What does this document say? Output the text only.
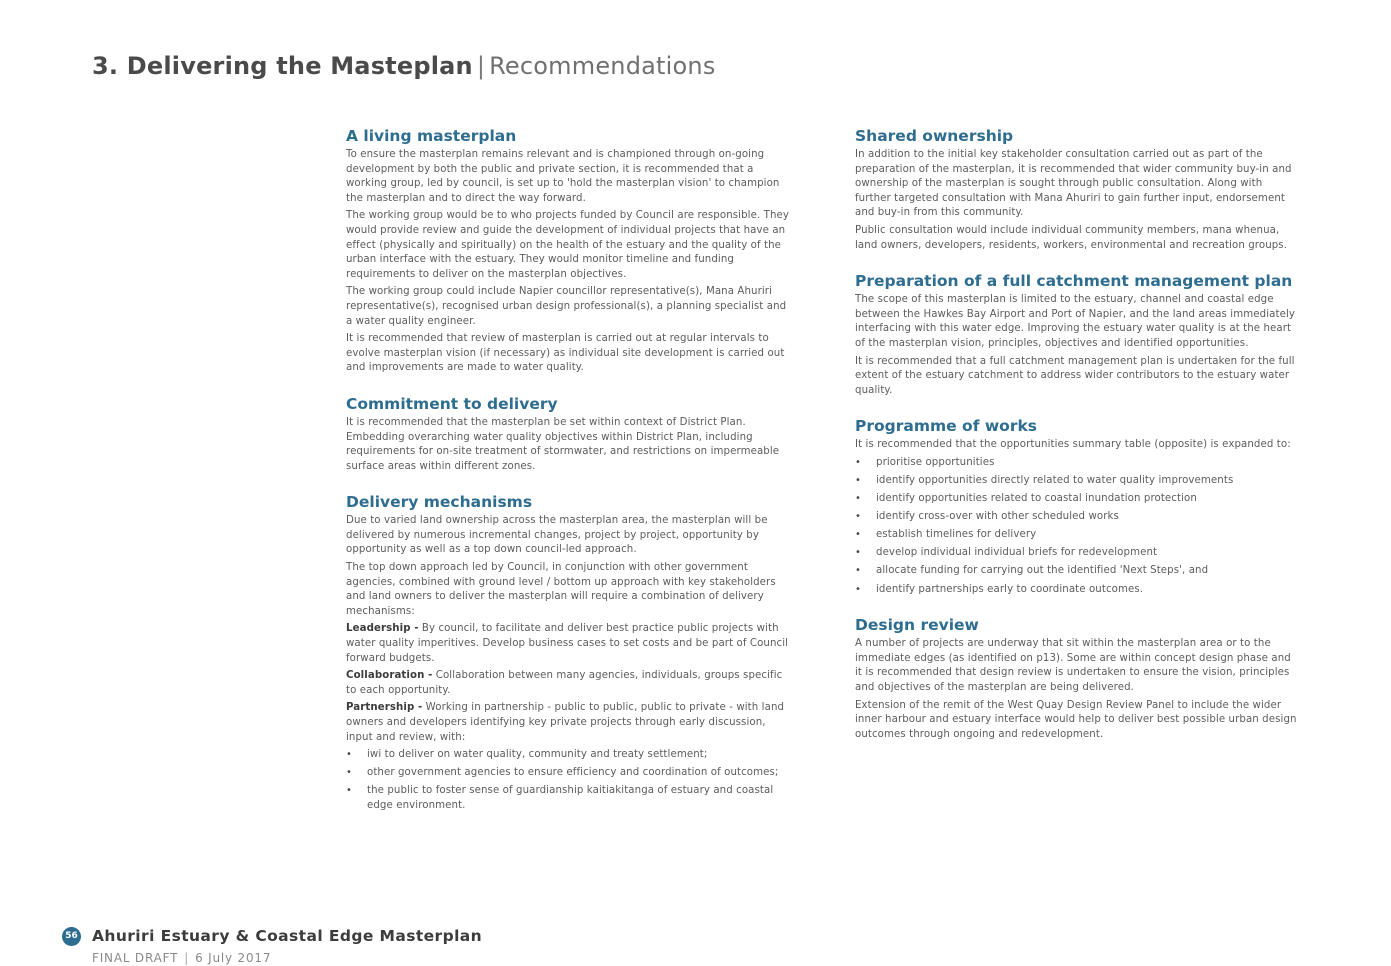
3. Delivering the Masteplan | Recommendations
A living masterplan

To ensure the masterplan remains relevant and is championed through on-going development by both the public and private section, it is recommended that a working group, led by council, is set up to 'hold the masterplan vision' to champion the masterplan and to direct the way forward.

The working group would be to who projects funded by Council are responsible. They would provide review and guide the development of individual projects that have an effect (physically and spiritually) on the health of the estuary and the quality of the urban interface with the estuary. They would monitor timeline and funding requirements to deliver on the masterplan objectives.

The working group could include Napier councillor representative(s), Mana Ahuriri representative(s), recognised urban design professional(s), a planning specialist and a water quality engineer.

It is recommended that review of masterplan is carried out at regular intervals to evolve masterplan vision (if necessary) as individual site development is carried out and improvements are made to water quality.

Commitment to delivery

It is recommended that the masterplan be set within context of District Plan. Embedding overarching water quality objectives within District Plan, including requirements for on-site treatment of stormwater, and restrictions on impermeable surface areas within different zones.

Delivery mechanisms

Due to varied land ownership across the masterplan area, the masterplan will be delivered by numerous incremental changes, project by project, opportunity by opportunity as well as a top down council-led approach.

The top down approach led by Council, in conjunction with other government agencies, combined with ground level / bottom up approach with key stakeholders and land owners to deliver the masterplan will require a combination of delivery mechanisms:

Leadership - By council, to facilitate and deliver best practice public projects with water quality imperitives. Develop business cases to set costs and be part of Council forward budgets.

Collaboration - Collaboration between many agencies, individuals, groups specific to each opportunity.

Partnership - Working in partnership - public to public, public to private - with land owners and developers identifying key private projects through early discussion, input and review, with:

• iwi to deliver on water quality, community and treaty settlement;
• other government agencies to ensure efficiency and coordination of outcomes;
• the public to foster sense of guardianship kaitiakitanga of estuary and coastal edge environment.
Shared ownership

In addition to the initial key stakeholder consultation carried out as part of the preparation of the masterplan, it is recommended that wider community buy-in and ownership of the masterplan is sought through public consultation. Along with further targeted consultation with Mana Ahuriri to gain further input, endorsement and buy-in from this community.

Public consultation would include individual community members, mana whenua, land owners, developers, residents, workers, environmental and recreation groups.

Preparation of a full catchment management plan

The scope of this masterplan is limited to the estuary, channel and coastal edge between the Hawkes Bay Airport and Port of Napier, and the land areas immediately interfacing with this water edge. Improving the estuary water quality is at the heart of the masterplan vision, principles, objectives and identified opportunities.

It is recommended that a full catchment management plan is undertaken for the full extent of the estuary catchment to address wider contributors to the estuary water quality.

Programme of works

It is recommended that the opportunities summary table (opposite) is expanded to:

• prioritise opportunities
• identify opportunities directly related to water quality improvements
• identify opportunities related to coastal inundation protection
• identify cross-over with other scheduled works
• establish timelines for delivery
• develop individual individual briefs for redevelopment
• allocate funding for carrying out the identified 'Next Steps', and
• identify partnerships early to coordinate outcomes.
Design review

A number of projects are underway that sit within the masterplan area or to the immediate edges (as identified on p13). Some are within concept design phase and it is recommended that design review is undertaken to ensure the vision, principles and objectives of the masterplan are being delivered.

Extension of the remit of the West Quay Design Review Panel to include the wider inner harbour and estuary interface would help to deliver best possible urban design outcomes through ongoing and redevelopment.

56 Ahuriri Estuary & Coastal Edge Masterplan
FINAL DRAFT | 6 July 2017
